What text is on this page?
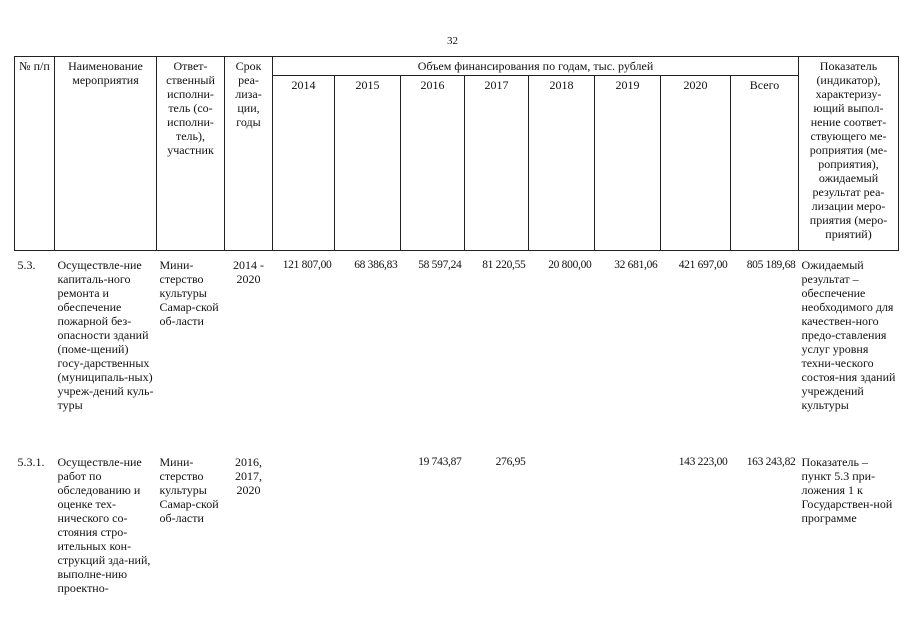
32
№ п/п	Наименование мероприятия	Ответ-ственный исполни-тель (со-исполни-тель), участник	Срок реа-лиза-ции, годы	Объем финансирования по годам, тыс. рублей								Показатель (индикатор), характеризу-ющий выпол-нение соответ-ствующего ме-роприятия (ме-роприятия), ожидаемый результат реа-лизации меро-приятия (меро-приятий)
				2014	2015	2016	2017	2018	2019	2020	Всего	
5.3.	Осуществле-ние капиталь-ного ремонта и обеспечение пожарной без-опасности зданий (поме-щений) госу-дарственных (муниципаль-ных) учреж-дений куль-туры	Мини-стерство культуры Самар-ской об-ласти	2014 - 2020	121 807,00	68 386,83	58 597,24	81 220,55	20 800,00	32 681,06	421 697,00	805 189,68	Ожидаемый результат – обеспечение необходимого для качествен-ного предо-ставления услуг уровня техни-ческого состоя-ния зданий учреждений культуры
5.3.1.	Осуществле-ние работ по обследованию и оценке тех-нического со-стояния стро-ительных кон-струкций зда-ний, выполне-нию проектно-	Мини-стерство культуры Самар-ской об-ласти	2016, 2017, 2020			19 743,87	276,95			143 223,00	163 243,82	Показатель – пункт 5.3 при-ложения 1 к Государствен-ной программе
